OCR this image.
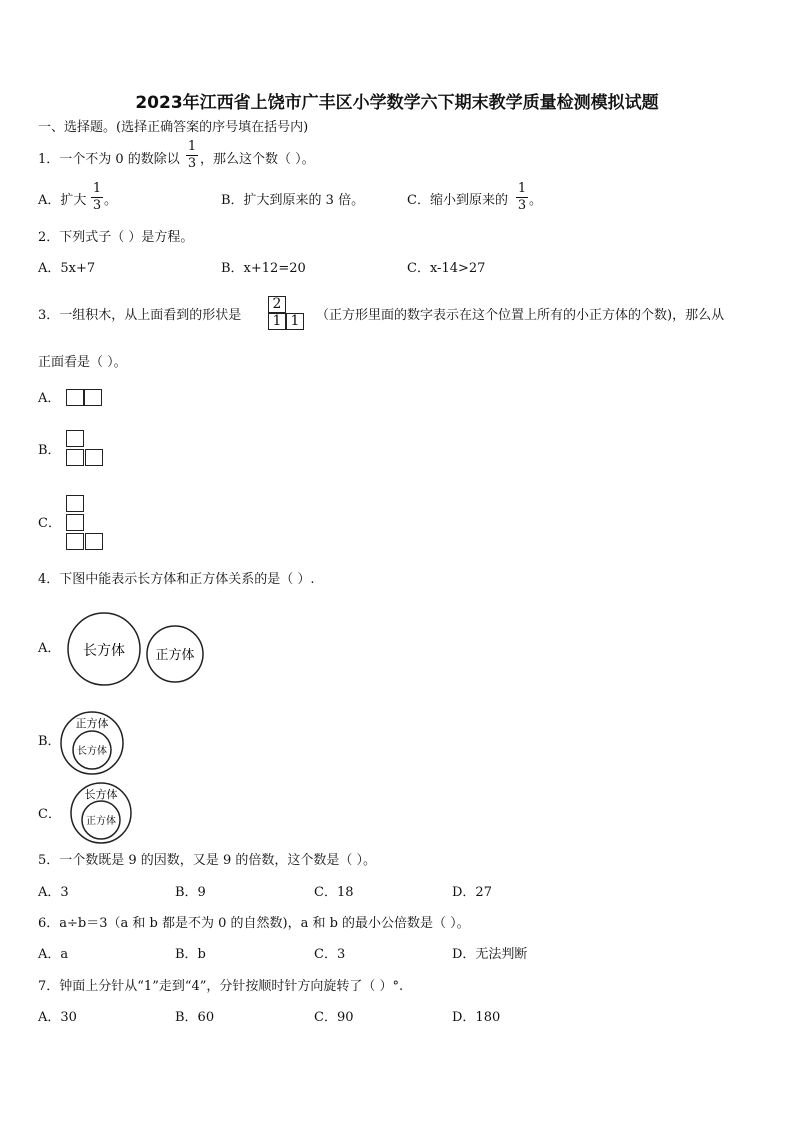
2023年江西省上饶市广丰区小学数学六下期末教学质量检测模拟试题
一、选择题。(选择正确答案的序号填在括号内)
1．一个不为 0 的数除以
1
3 ，那么这个数（ ）。
A．扩大
1
3 。	B．扩大到原来的 3 倍。	C．缩小到原来的
1
3 。
2．下列式子（ ）是方程。
A．5x+7	B．x+12=20	C．x-14>27
3．一组积木，从上面看到的形状是
2
1 1	（正方形里面的数字表示在这个位置上所有的小正方体的个数)，那么从
正面看是（ ）。
A．
B．
C．
4．下图中能表示长方体和正方体关系的是（ ）.
A． 长方体 正方体
B．
正方体
长方体
C．
长方体
正方体
5．一个数既是 9 的因数，又是 9 的倍数，这个数是（ ）。
A．3	B．9	C．18	D．27
6．a÷b＝3（a 和 b 都是不为 0 的自然数)，a 和 b 的最小公倍数是（ ）。
A．a	B．b	C．3	D．无法判断
7．钟面上分针从“1”走到“4”，分针按顺时针方向旋转了（ ）°.
A．30	B．60	C．90	D．180
